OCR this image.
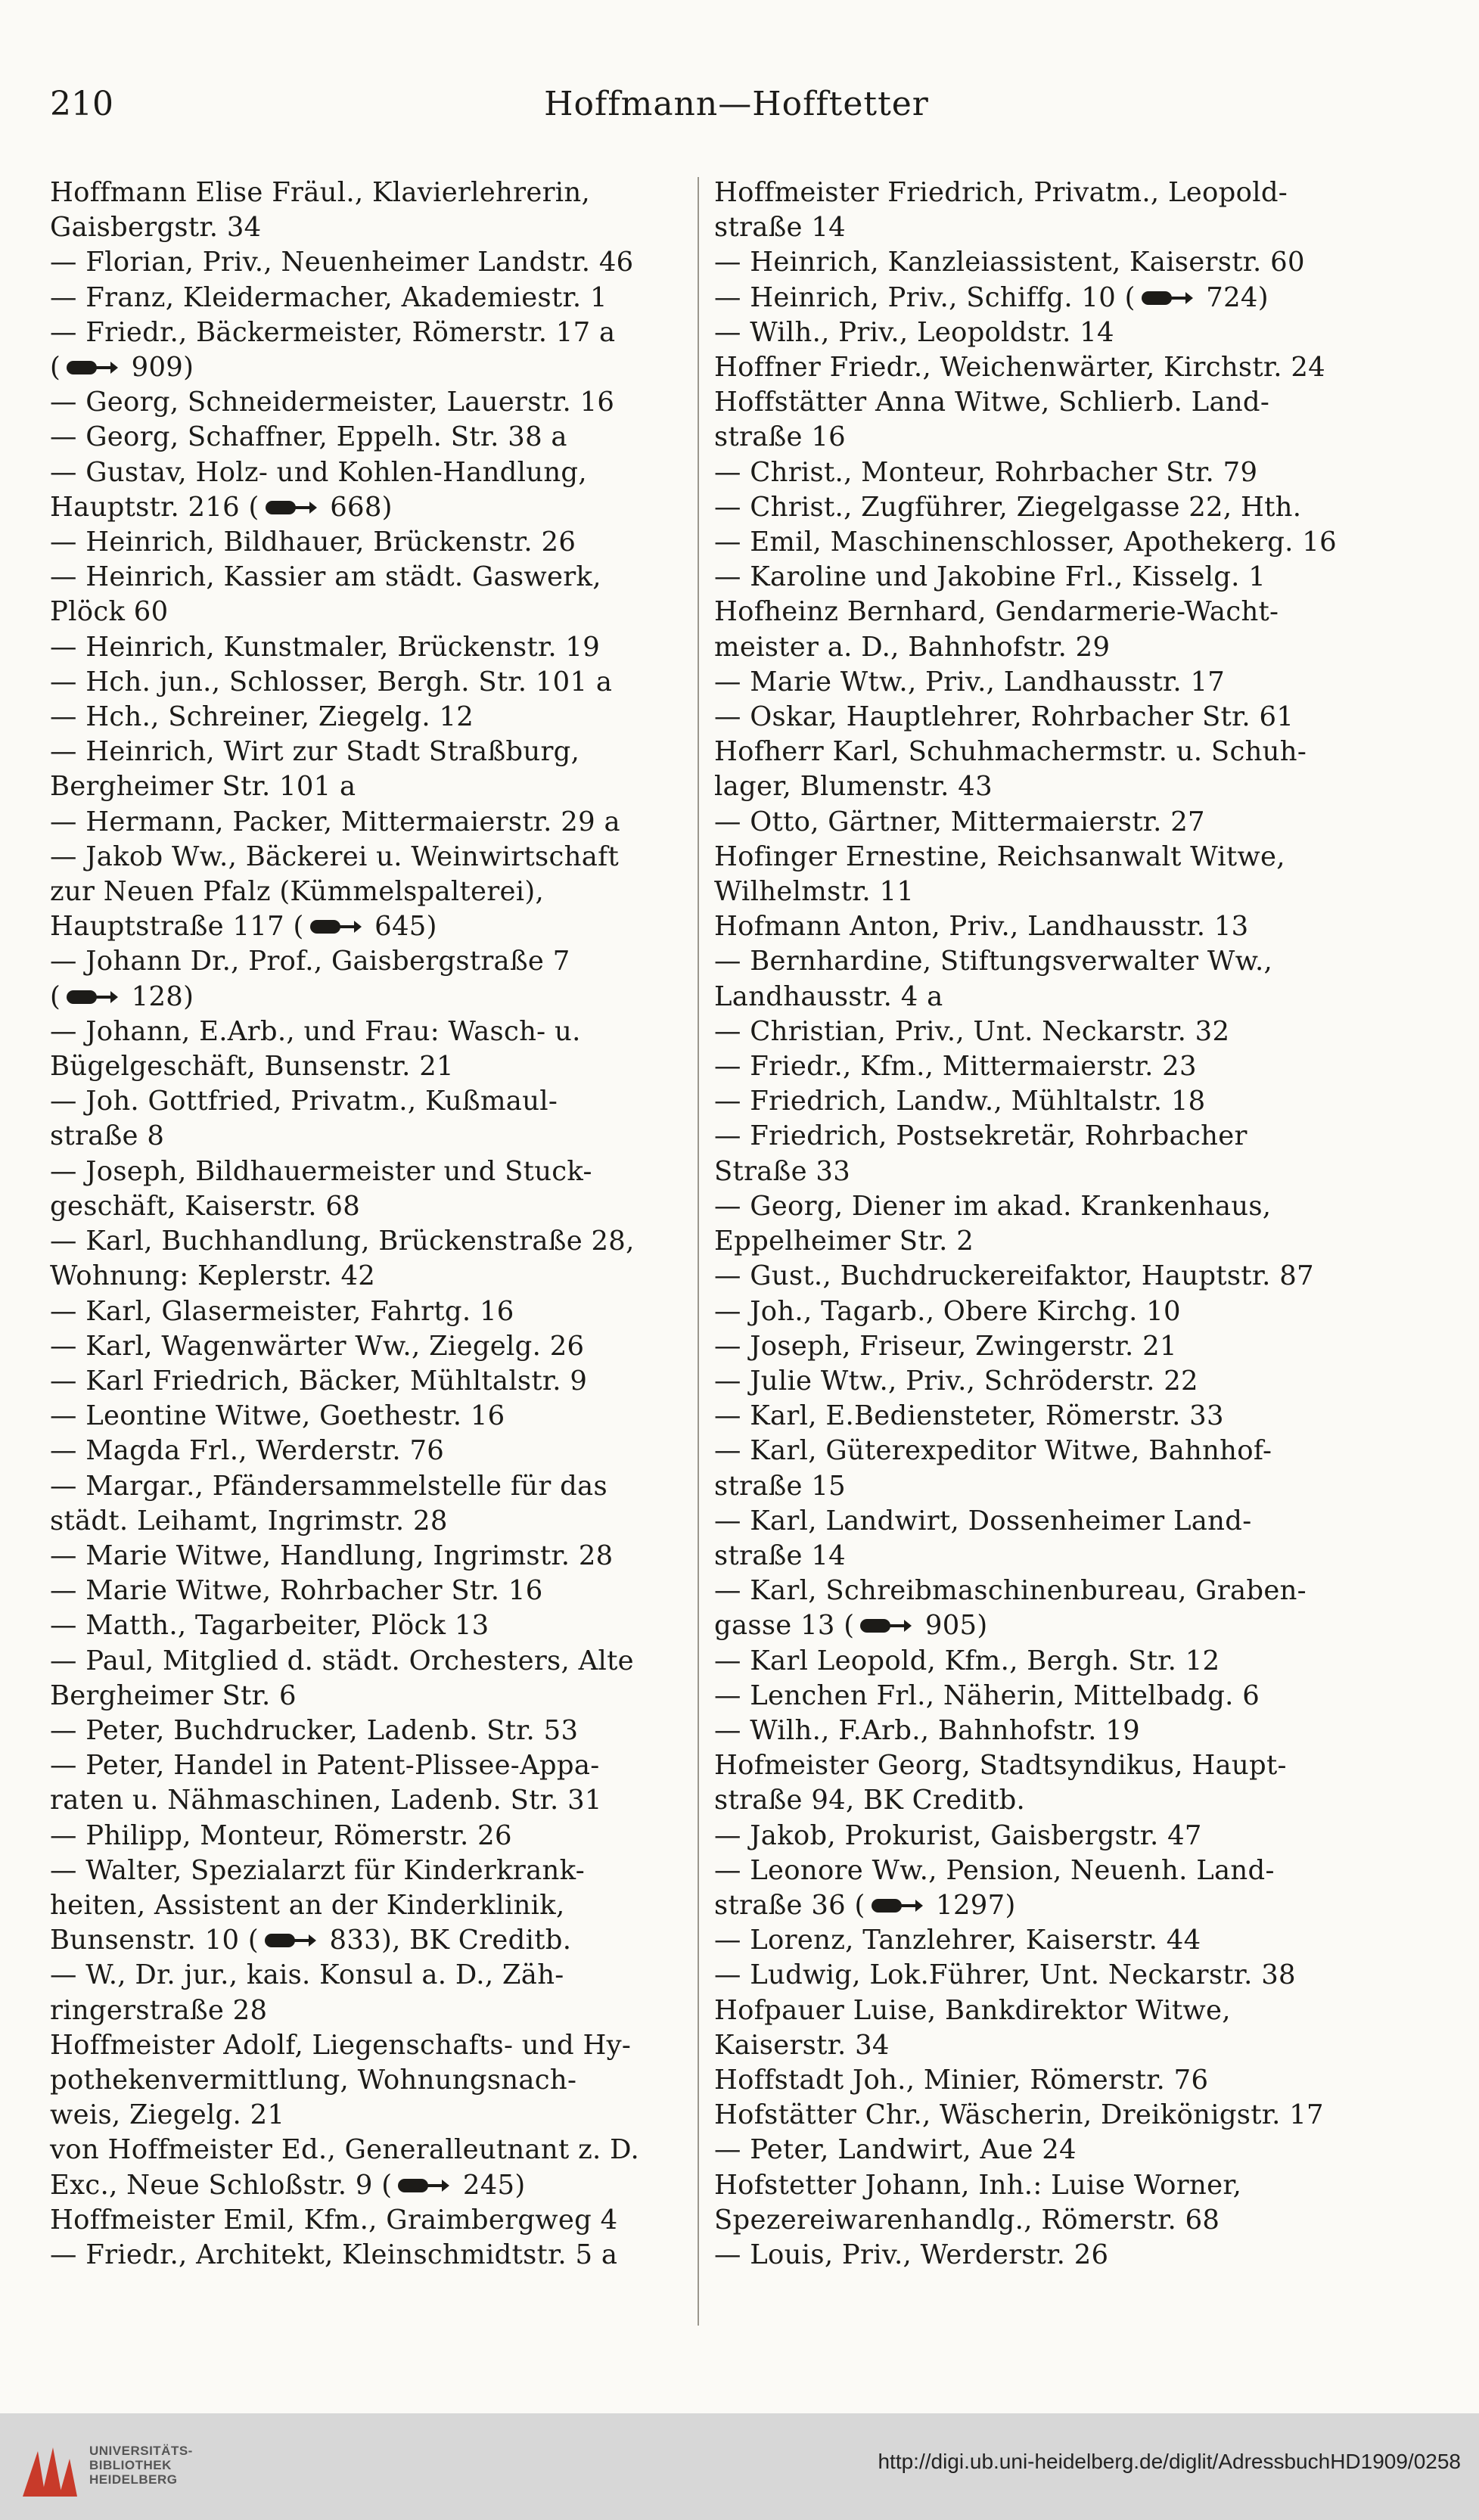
210	Hoffmann—Hofftetter
Hoffmann Elise Fräul., Klavierlehrerin,
Gaisbergstr. 34
— Florian, Priv., Neuenheimer Landstr. 46
— Franz, Kleidermacher, Akademiestr. 1
— Friedr., Bäckermeister, Römerstr. 17 a
( 909)
— Georg, Schneidermeister, Lauerstr. 16
— Georg, Schaffner, Eppelh. Str. 38 a
— Gustav, Holz- und Kohlen-Handlung,
Hauptstr. 216 ( 668)
— Heinrich, Bildhauer, Brückenstr. 26
— Heinrich, Kassier am städt. Gaswerk,
Plöck 60
— Heinrich, Kunstmaler, Brückenstr. 19
— Hch. jun., Schlosser, Bergh. Str. 101 a
— Hch., Schreiner, Ziegelg. 12
— Heinrich, Wirt zur Stadt Straßburg,
Bergheimer Str. 101 a
— Hermann, Packer, Mittermaierstr. 29 a
— Jakob Ww., Bäckerei u. Weinwirtschaft
zur Neuen Pfalz (Kümmelspalterei),
Hauptstraße 117 ( 645)
— Johann Dr., Prof., Gaisbergstraße 7
( 128)
— Johann, E.Arb., und Frau: Wasch- u.
Bügelgeschäft, Bunsenstr. 21
— Joh. Gottfried, Privatm., Kußmaul-
straße 8
— Joseph, Bildhauermeister und Stuck-
geschäft, Kaiserstr. 68
— Karl, Buchhandlung, Brückenstraße 28,
Wohnung: Keplerstr. 42
— Karl, Glasermeister, Fahrtg. 16
— Karl, Wagenwärter Ww., Ziegelg. 26
— Karl Friedrich, Bäcker, Mühltalstr. 9
— Leontine Witwe, Goethestr. 16
— Magda Frl., Werderstr. 76
— Margar., Pfändersammelstelle für das
städt. Leihamt, Ingrimstr. 28
— Marie Witwe, Handlung, Ingrimstr. 28
— Marie Witwe, Rohrbacher Str. 16
— Matth., Tagarbeiter, Plöck 13
— Paul, Mitglied d. städt. Orchesters, Alte
Bergheimer Str. 6
— Peter, Buchdrucker, Ladenb. Str. 53
— Peter, Handel in Patent-Plissee-Appa-
raten u. Nähmaschinen, Ladenb. Str. 31
— Philipp, Monteur, Römerstr. 26
— Walter, Spezialarzt für Kinderkrank-
heiten, Assistent an der Kinderklinik,
Bunsenstr. 10 ( 833), BK Creditb.
— W., Dr. jur., kais. Konsul a. D., Zäh-
ringerstraße 28
Hoffmeister Adolf, Liegenschafts- und Hy-
pothekenvermittlung, Wohnungsnach-
weis, Ziegelg. 21
von Hoffmeister Ed., Generalleutnant z. D.
Exc., Neue Schloßstr. 9 ( 245)
Hoffmeister Emil, Kfm., Graimbergweg 4
— Friedr., Architekt, Kleinschmidtstr. 5 a
Hoffmeister Friedrich, Privatm., Leopold-
straße 14
— Heinrich, Kanzleiassistent, Kaiserstr. 60
— Heinrich, Priv., Schiffg. 10 ( 724)
— Wilh., Priv., Leopoldstr. 14
Hoffner Friedr., Weichenwärter, Kirchstr. 24
Hoffstätter Anna Witwe, Schlierb. Land-
straße 16
— Christ., Monteur, Rohrbacher Str. 79
— Christ., Zugführer, Ziegelgasse 22, Hth.
— Emil, Maschinenschlosser, Apothekerg. 16
— Karoline und Jakobine Frl., Kisselg. 1
Hofheinz Bernhard, Gendarmerie-Wacht-
meister a. D., Bahnhofstr. 29
— Marie Wtw., Priv., Landhausstr. 17
— Oskar, Hauptlehrer, Rohrbacher Str. 61
Hofherr Karl, Schuhmachermstr. u. Schuh-
lager, Blumenstr. 43
— Otto, Gärtner, Mittermaierstr. 27
Hofinger Ernestine, Reichsanwalt Witwe,
Wilhelmstr. 11
Hofmann Anton, Priv., Landhausstr. 13
— Bernhardine, Stiftungsverwalter Ww.,
Landhausstr. 4 a
— Christian, Priv., Unt. Neckarstr. 32
— Friedr., Kfm., Mittermaierstr. 23
— Friedrich, Landw., Mühltalstr. 18
— Friedrich, Postsekretär, Rohrbacher
Straße 33
— Georg, Diener im akad. Krankenhaus,
Eppelheimer Str. 2
— Gust., Buchdruckereifaktor, Hauptstr. 87
— Joh., Tagarb., Obere Kirchg. 10
— Joseph, Friseur, Zwingerstr. 21
— Julie Wtw., Priv., Schröderstr. 22
— Karl, E.Bediensteter, Römerstr. 33
— Karl, Güterexpeditor Witwe, Bahnhof-
straße 15
— Karl, Landwirt, Dossenheimer Land-
straße 14
— Karl, Schreibmaschinenbureau, Graben-
gasse 13 ( 905)
— Karl Leopold, Kfm., Bergh. Str. 12
— Lenchen Frl., Näherin, Mittelbadg. 6
— Wilh., F.Arb., Bahnhofstr. 19
Hofmeister Georg, Stadtsyndikus, Haupt-
straße 94, BK Creditb.
— Jakob, Prokurist, Gaisbergstr. 47
— Leonore Ww., Pension, Neuenh. Land-
straße 36 ( 1297)
— Lorenz, Tanzlehrer, Kaiserstr. 44
— Ludwig, Lok.Führer, Unt. Neckarstr. 38
Hofpauer Luise, Bankdirektor Witwe,
Kaiserstr. 34
Hoffstadt Joh., Minier, Römerstr. 76
Hofstätter Chr., Wäscherin, Dreikönigstr. 17
— Peter, Landwirt, Aue 24
Hofstetter Johann, Inh.: Luise Worner,
Spezereiwarenhandlg., Römerstr. 68
— Louis, Priv., Werderstr. 26
UNIVERSITÄTS-
BIBLIOTHEK
HEIDELBERG
http://digi.ub.uni-heidelberg.de/diglit/AdressbuchHD1909/0258
